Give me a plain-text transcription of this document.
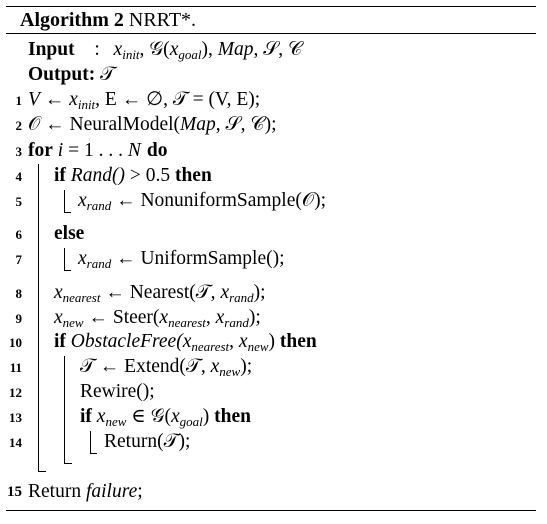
Algorithm 2 NRRT*.
Input : $x_{init}$, $𝒢(x_{goal})$, Map, 𝒮, 𝒞
Output: 𝒯
1 V ← $x_{init}$, E ← ∅, 𝒯 = (V, E);
2 𝒪 ← NeuralModel(Map, 𝒮, 𝒞);
3 for i = 1 . . . N do
4 if Rand() > 0.5 then
5	$x_{rand}$ ← NonuniformSample(𝒪);
6 else
7	$x_{rand}$ ← UniformSample();
8 $x_{nearest}$ ← Nearest(𝒯, $x_{rand}$);
9 $x_{new}$ ← $Steer(x_{nearest}$, $x_{rand}$);
10 if $ObstacleFree(x_{nearest}$, $x_{new}$) then
11	𝒯 ← Extend(𝒯, $x_{new}$);
12	Rewire();
13	if $x_{new}$ ∈ $𝒢(x_{goal})$ then
14	Return(𝒯);
15 Return failure;
